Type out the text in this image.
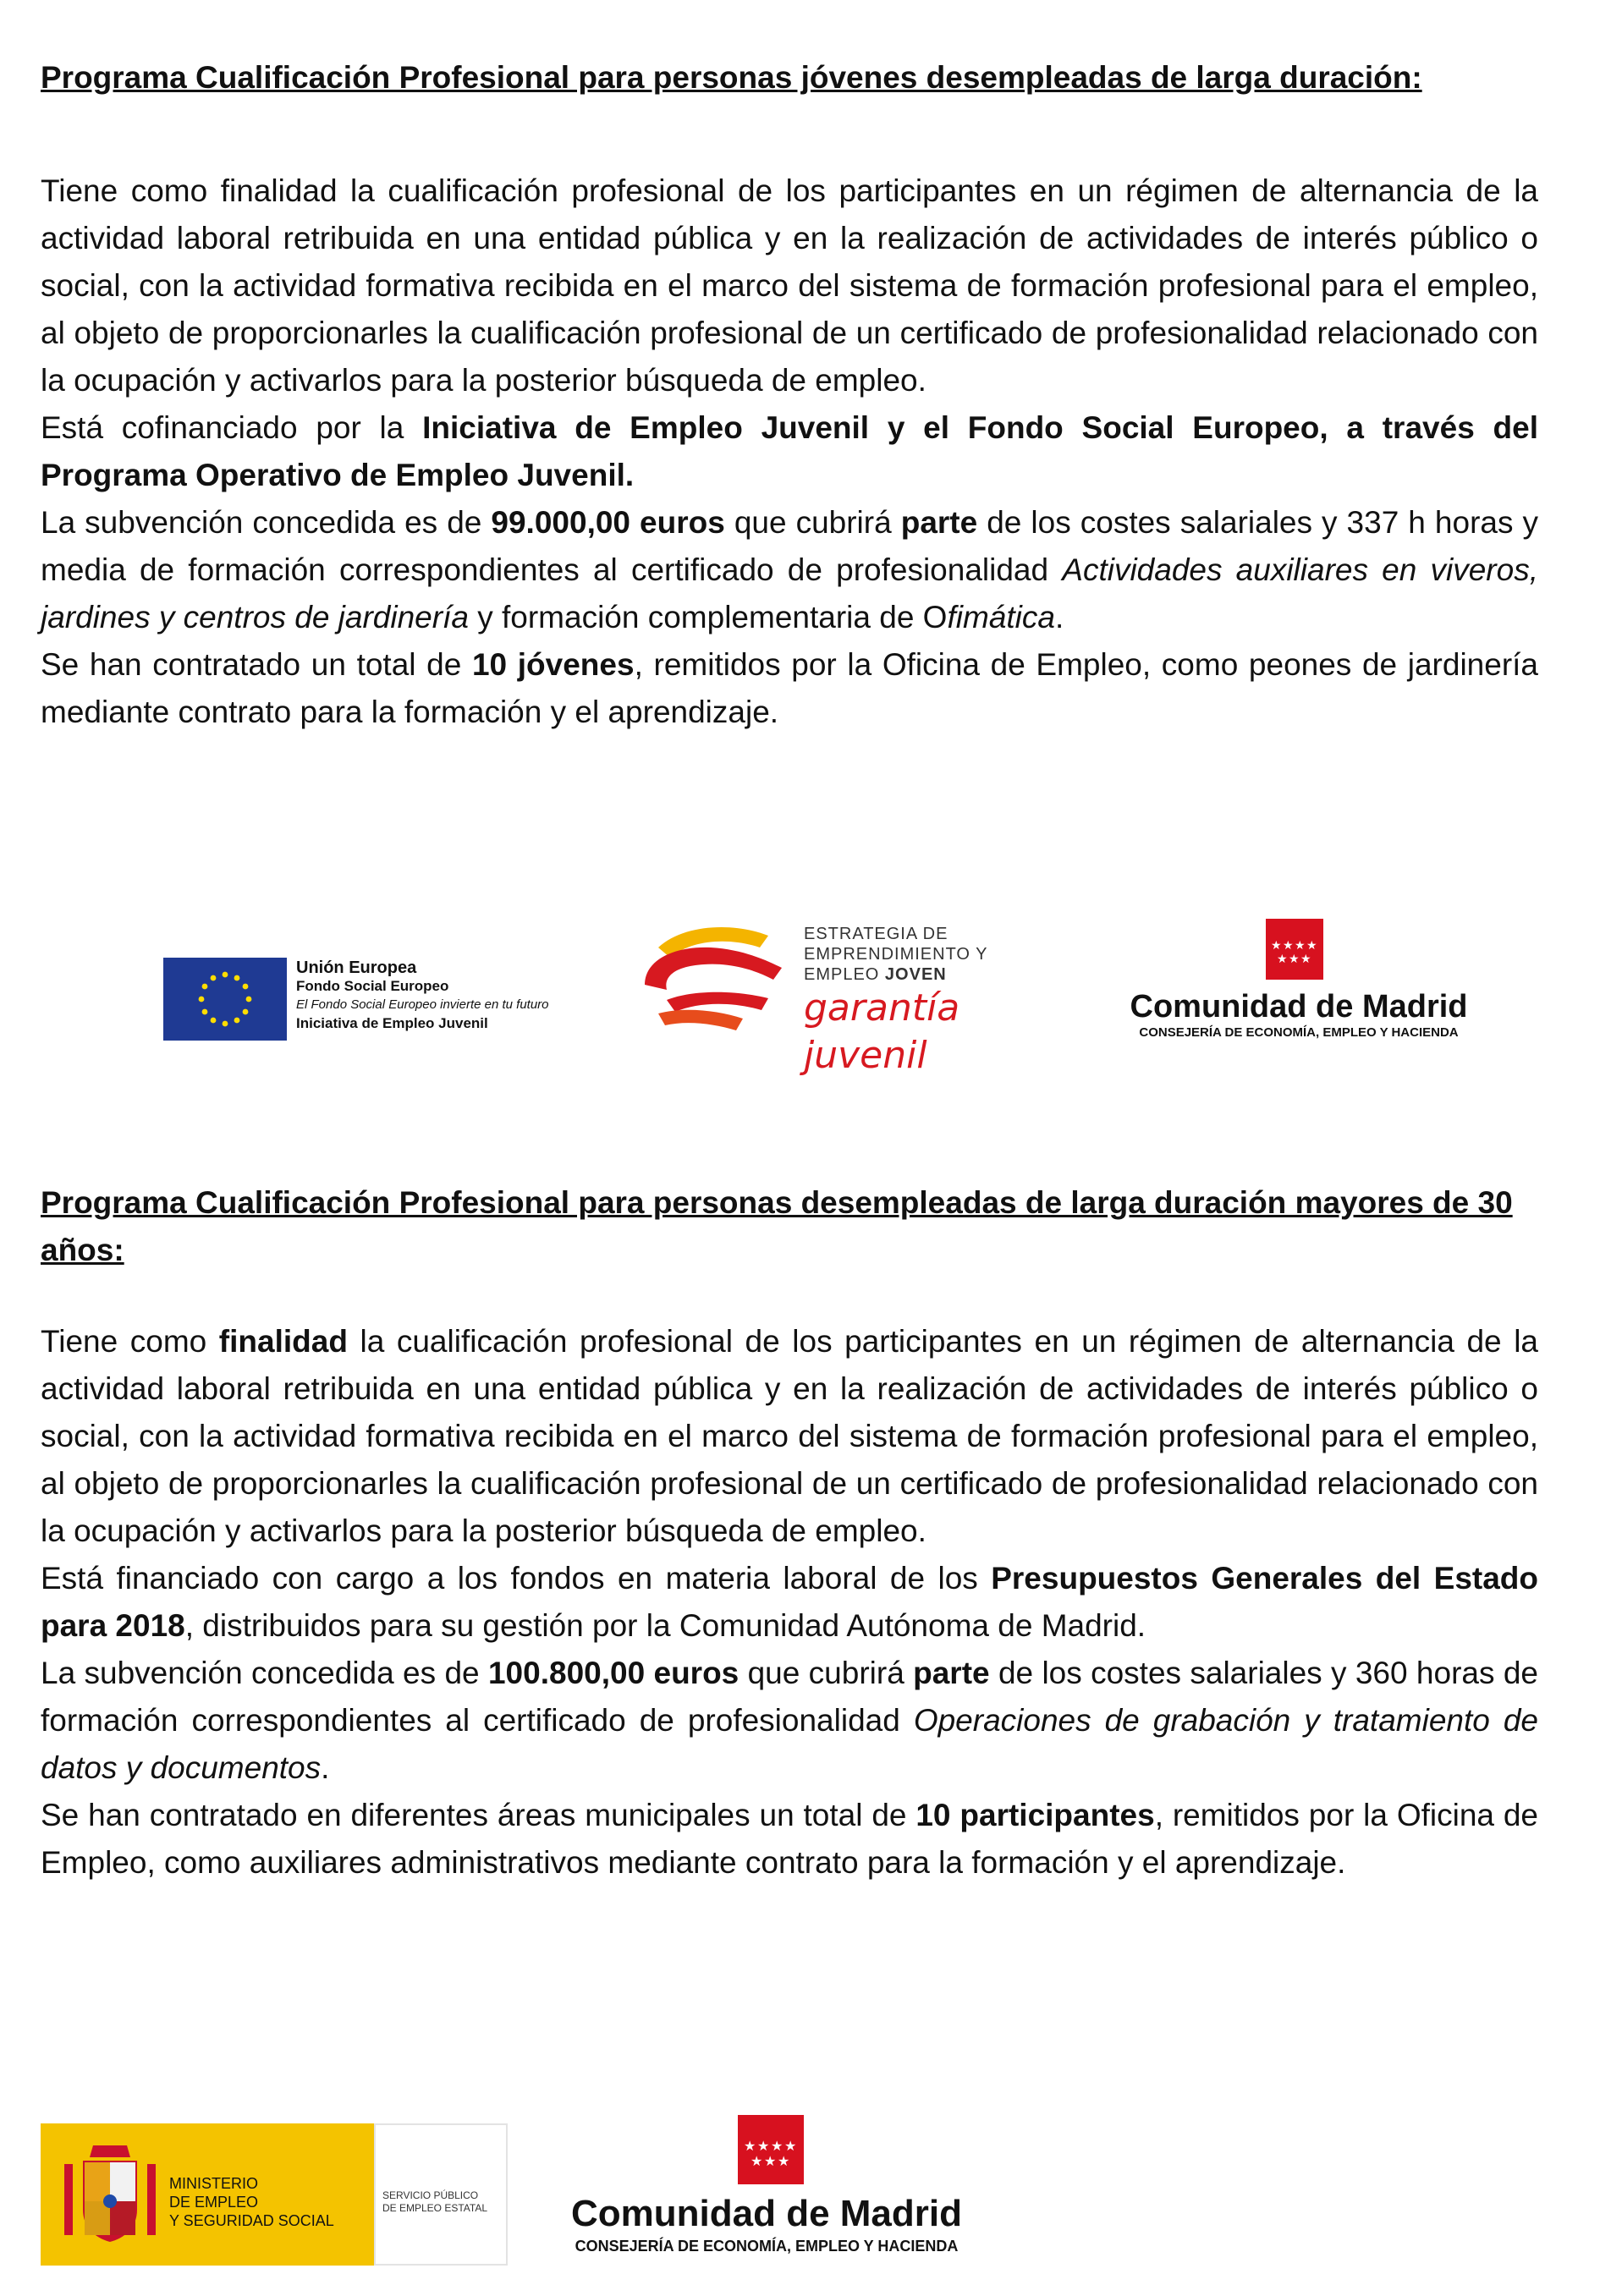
Programa Cualificación Profesional para personas jóvenes desempleadas de larga duración:

Tiene como finalidad la cualificación profesional de los participantes en un régimen de alternancia de la actividad laboral retribuida en una entidad pública y en la realización de actividades de interés público o social, con la actividad formativa recibida en el marco del sistema de formación profesional para el empleo, al objeto de proporcionarles la cualificación profesional de un certificado de profesionalidad relacionado con la ocupación y activarlos para la posterior búsqueda de empleo.

Está cofinanciado por la Iniciativa de Empleo Juvenil y el Fondo Social Europeo, a través del Programa Operativo de Empleo Juvenil.

La subvención concedida es de 99.000,00 euros que cubrirá parte de los costes salariales y 337 h horas y media de formación correspondientes al certificado de profesionalidad Actividades auxiliares en viveros, jardines y centros de jardinería y formación complementaria de Ofimática.

Se han contratado un total de 10 jóvenes, remitidos por la Oficina de Empleo, como peones de jardinería mediante contrato para la formación y el aprendizaje.

Unión Europea
Fondo Social Europeo
El Fondo Social Europeo invierte en tu futuro
Iniciativa de Empleo Juvenil
ESTRATEGIA DE
EMPRENDIMIENTO Y
EMPLEO JOVEN
garantía juvenil
★ ★ ★ ★
★ ★ ★
Comunidad de Madrid
CONSEJERÍA DE ECONOMÍA, EMPLEO Y HACIENDA
Programa Cualificación Profesional para personas desempleadas de larga duración mayores de 30 años:

Tiene como finalidad la cualificación profesional de los participantes en un régimen de alternancia de la actividad laboral retribuida en una entidad pública y en la realización de actividades de interés público o social, con la actividad formativa recibida en el marco del sistema de formación profesional para el empleo, al objeto de proporcionarles la cualificación profesional de un certificado de profesionalidad relacionado con la ocupación y activarlos para la posterior búsqueda de empleo.

Está financiado con cargo a los fondos en materia laboral de los Presupuestos Generales del Estado para 2018, distribuidos para su gestión por la Comunidad Autónoma de Madrid.

La subvención concedida es de 100.800,00 euros que cubrirá parte de los costes salariales y 360 horas de formación correspondientes al certificado de profesionalidad Operaciones de grabación y tratamiento de datos y documentos.

Se han contratado en diferentes áreas municipales un total de 10 participantes, remitidos por la Oficina de Empleo, como auxiliares administrativos mediante contrato para la formación y el aprendizaje.

MINISTERIO
DE EMPLEO
Y SEGURIDAD SOCIAL
SERVICIO PÚBLICO
DE EMPLEO ESTATAL
★ ★ ★ ★
★ ★ ★
Comunidad de Madrid
CONSEJERÍA DE ECONOMÍA, EMPLEO Y HACIENDA
